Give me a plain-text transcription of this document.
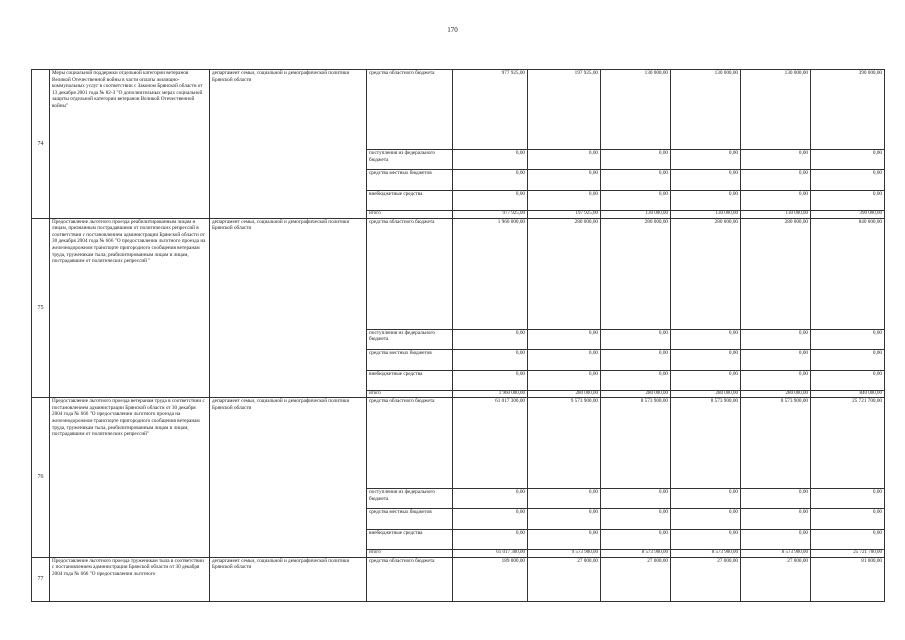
170
74	Меры социальной поддержки отдельной категории ветеранов Великой Отечественной войны в части оплаты жилищно-коммунальных услуг в соответствии с Законом Брянской области от 13 декабря 2001 года № 82-З "О дополнительных мерах социальной защиты отдельной категории ветеранов Великой Отечественной войны"	департамент семьи, социальной и демографической политики Брянской области	средства областного бюджета	977 925,00	197 925,00	130 000,00	130 000,00	130 000,00	390 000,00
			поступления из федерального бюджета	0,00	0,00	0,00	0,00	0,00	0,00
			средства местных бюджетов	0,00	0,00	0,00	0,00	0,00	0,00
			внебюджетные средства	0,00	0,00	0,00	0,00	0,00	0,00
			итого	977 925,00	197 925,00	130 000,00	130 000,00	130 000,00	390 000,00
75	Предоставление льготного проезда реабилитированным лицам и лицам, признанным пострадавшими от политических репрессий в соответствии с постановлением администрации Брянской области от 30 декабря 2004 года № 666 "О предоставлении льготного проезда на железнодорожном транспорте пригородного сообщения ветеранам труда, труженикам тыла, реабилитированным лицам и лицам, пострадавшим от политических репрессий "	департамент семьи, социальной и демографической политики Брянской области	средства областного бюджета	1 960 000,00	280 000,00	280 000,00	280 000,00	280 000,00	840 000,00
			поступления из федерального бюджета	0,00	0,00	0,00	0,00	0,00	0,00
			средства местных бюджетов	0,00	0,00	0,00	0,00	0,00	0,00
			внебюджетные средства	0,00	0,00	0,00	0,00	0,00	0,00
			итого	1 960 000,00	280 000,00	280 000,00	280 000,00	280 000,00	840 000,00
76	Предоставление льготного проезда ветеранам труда в соответствии с постановлением администрации Брянской области от 30 декабря 2004 года № 666 "О предоставлении льготного проезда на железнодорожном транспорте пригородного сообщения ветеранам труда, труженикам тыла, реабилитированным лицам и лицам, пострадавшим от политических репрессий"	департамент семьи, социальной и демографической политики Брянской области	средства областного бюджета	61 017 300,00	9 573 900,00	8 573 900,00	8 573 900,00	8 573 900,00	25 721 700,00
			поступления из федерального бюджета	0,00	0,00	0,00	0,00	0,00	0,00
			средства местных бюджетов	0,00	0,00	0,00	0,00	0,00	0,00
			внебюджетные средства	0,00	0,00	0,00	0,00	0,00	0,00
			итого	61 017 300,00	9 573 900,00	8 573 900,00	8 573 900,00	8 573 900,00	25 721 700,00
77	Предоставление льготного проезда труженикам тыла в соответствии с постановлением администрации Брянской области от 30 декабря 2004 года № 666 "О предоставлении льготного	департамент семьи, социальной и демографической политики Брянской области	средства областного бюджета	189 000,00	27 000,00	27 000,00	27 000,00	27 000,00	81 000,00
